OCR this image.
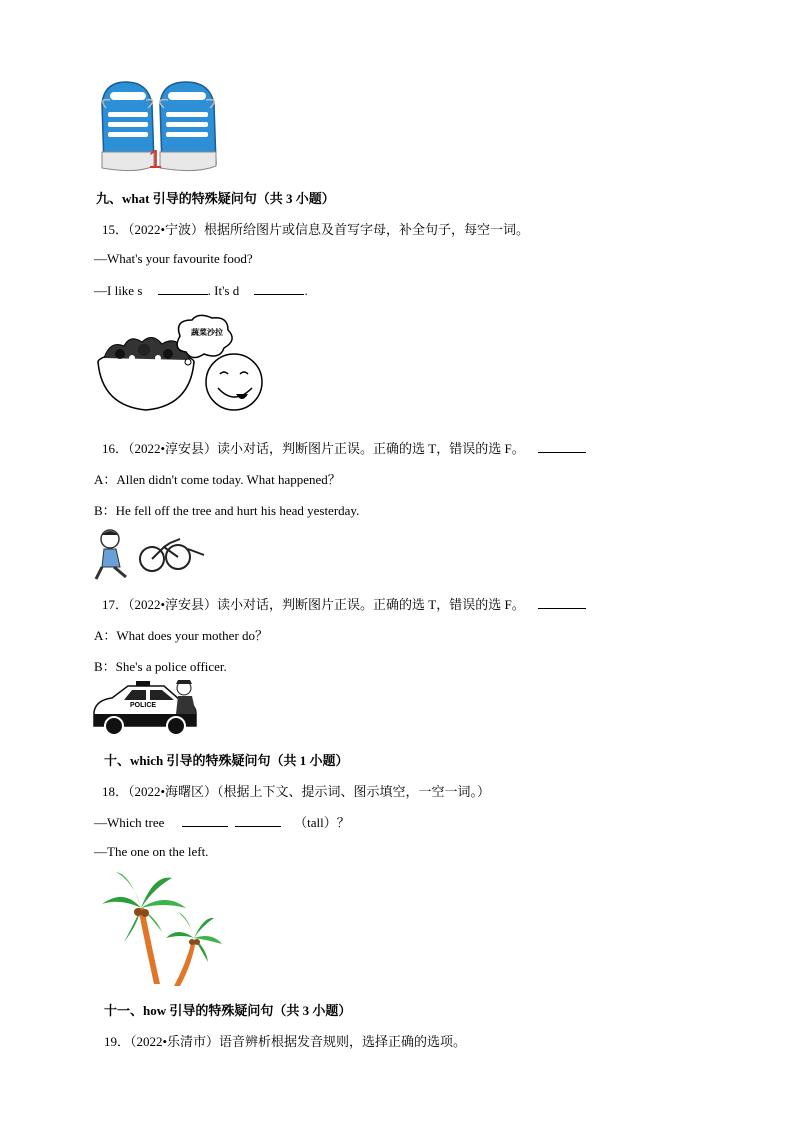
1
九、what 引导的特殊疑问句（共 3 小题）
15．（2022•宁波）根据所给图片或信息及首写字母，补全句子，每空一词。
—What's your favourite food?
—I like s	. It's d	.
蔬菜沙拉
16．（2022•淳安县）读小对话，判断图片正误。正确的选 T，错误的选 F。
A：Allen didn't come today. What happened？
B：He fell off the tree and hurt his head yesterday.
17．（2022•淳安县）读小对话，判断图片正误。正确的选 T，错误的选 F。
A：What does your mother do？
B：She's a police officer.
POLICE
十、which 引导的特殊疑问句（共 1 小题）
18．（2022•海曙区）（根据上下文、提示词、图示填空，一空一词。）
—Which tree	（tall）？
—The one on the left.
十一、how 引导的特殊疑问句（共 3 小题）
19．（2022•乐清市）语音辨析根据发音规则，选择正确的选项。
